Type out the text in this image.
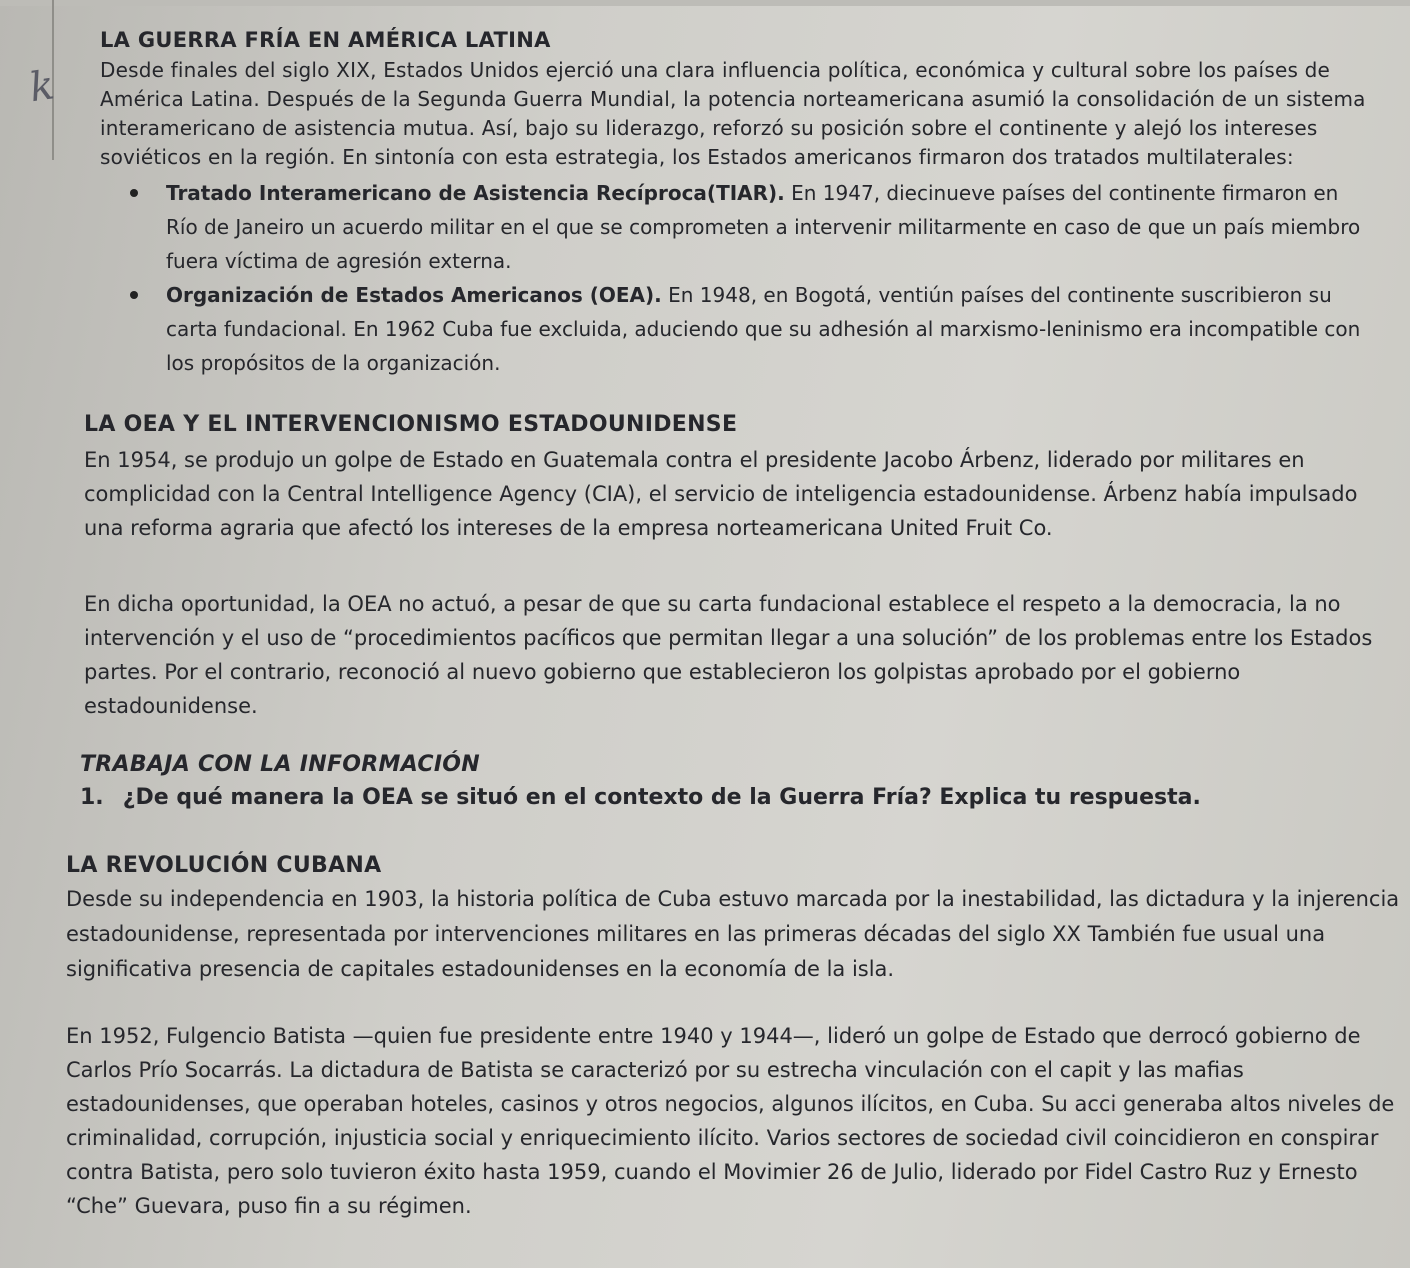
k
LA GUERRA FRÍA EN AMÉRICA LATINA

Desde finales del siglo XIX, Estados Unidos ejerció una clara influencia política, económica y cultural sobre los países de América Latina. Después de la Segunda Guerra Mundial, la potencia norteamericana asumió la consolidación de un sistema interamericano de asistencia mutua. Así, bajo su liderazgo, reforzó su posición sobre el continente y alejó los intereses soviéticos en la región. En sintonía con esta estrategia, los Estados americanos firmaron dos tratados multilaterales:

Tratado Interamericano de Asistencia Recíproca(TIAR). En 1947, diecinueve países del continente firmaron en Río de Janeiro un acuerdo militar en el que se comprometen a intervenir militarmente en caso de que un país miembro fuera víctima de agresión externa.
Organización de Estados Americanos (OEA). En 1948, en Bogotá, ventiún países del continente suscribieron su carta fundacional. En 1962 Cuba fue excluida, aduciendo que su adhesión al marxismo-leninismo era incompatible con los propósitos de la organización.
LA OEA Y EL INTERVENCIONISMO ESTADOUNIDENSE

En 1954, se produjo un golpe de Estado en Guatemala contra el presidente Jacobo Árbenz, liderado por militares en complicidad con la Central Intelligence Agency (CIA), el servicio de inteligencia estadounidense. Árbenz había impulsado una reforma agraria que afectó los intereses de la empresa norteamericana United Fruit Co.

En dicha oportunidad, la OEA no actuó, a pesar de que su carta fundacional establece el respeto a la democracia, la no intervención y el uso de “procedimientos pacíficos que permitan llegar a una solución” de los problemas entre los Estados partes. Por el contrario, reconoció al nuevo gobierno que establecieron los golpistas aprobado por el gobierno estadounidense.

TRABAJA CON LA INFORMACIÓN
1. ¿De qué manera la OEA se situó en el contexto de la Guerra Fría? Explica tu respuesta.
LA REVOLUCIÓN CUBANA

Desde su independencia en 1903, la historia política de Cuba estuvo marcada por la inestabilidad, las dictadura y la injerencia estadounidense, representada por intervenciones militares en las primeras décadas del siglo XX También fue usual una significativa presencia de capitales estadounidenses en la economía de la isla.

En 1952, Fulgencio Batista —quien fue presidente entre 1940 y 1944—, lideró un golpe de Estado que derrocó gobierno de Carlos Prío Socarrás. La dictadura de Batista se caracterizó por su estrecha vinculación con el capit y las mafias estadounidenses, que operaban hoteles, casinos y otros negocios, algunos ilícitos, en Cuba. Su acci generaba altos niveles de criminalidad, corrupción, injusticia social y enriquecimiento ilícito. Varios sectores de sociedad civil coincidieron en conspirar contra Batista, pero solo tuvieron éxito hasta 1959, cuando el Movimier 26 de Julio, liderado por Fidel Castro Ruz y Ernesto “Che” Guevara, puso fin a su régimen.
